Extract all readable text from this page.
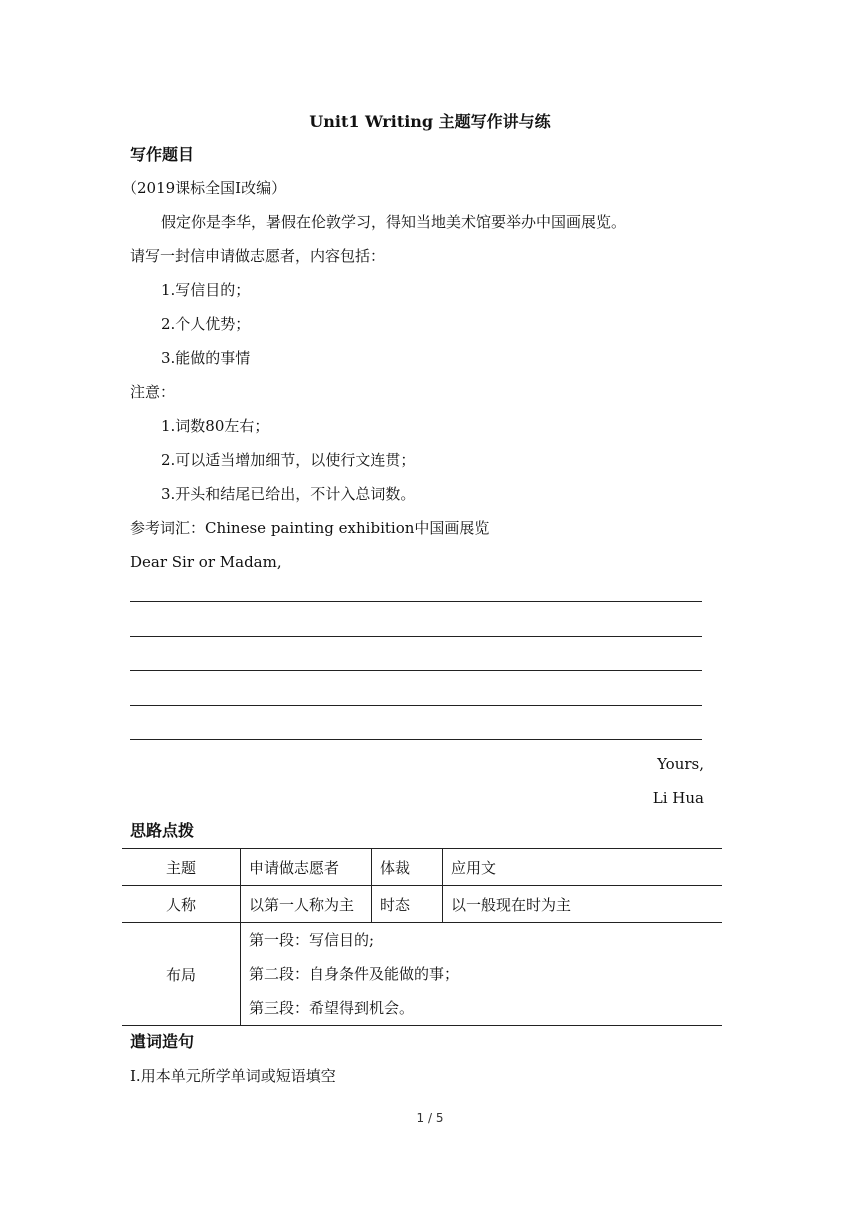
Unit1 Writing 主题写作讲与练
写作题目
（2019课标全国I改编）
假定你是李华，暑假在伦敦学习，得知当地美术馆要举办中国画展览。
请写一封信申请做志愿者，内容包括：
1.写信目的；
2.个人优势；
3.能做的事情
注意：
1.词数80左右；
2.可以适当增加细节，以使行文连贯；
3.开头和结尾已给出，不计入总词数。
参考词汇：Chinese painting exhibition中国画展览
Dear Sir or Madam,
Yours,
Li Hua
思路点拨
主题	申请做志愿者	体裁	应用文
人称	以第一人称为主	时态	以一般现在时为主
布局	第一段：写信目的;
第二段：自身条件及能做的事；
第三段：希望得到机会。		
遣词造句
I.用本单元所学单词或短语填空
1 / 5
